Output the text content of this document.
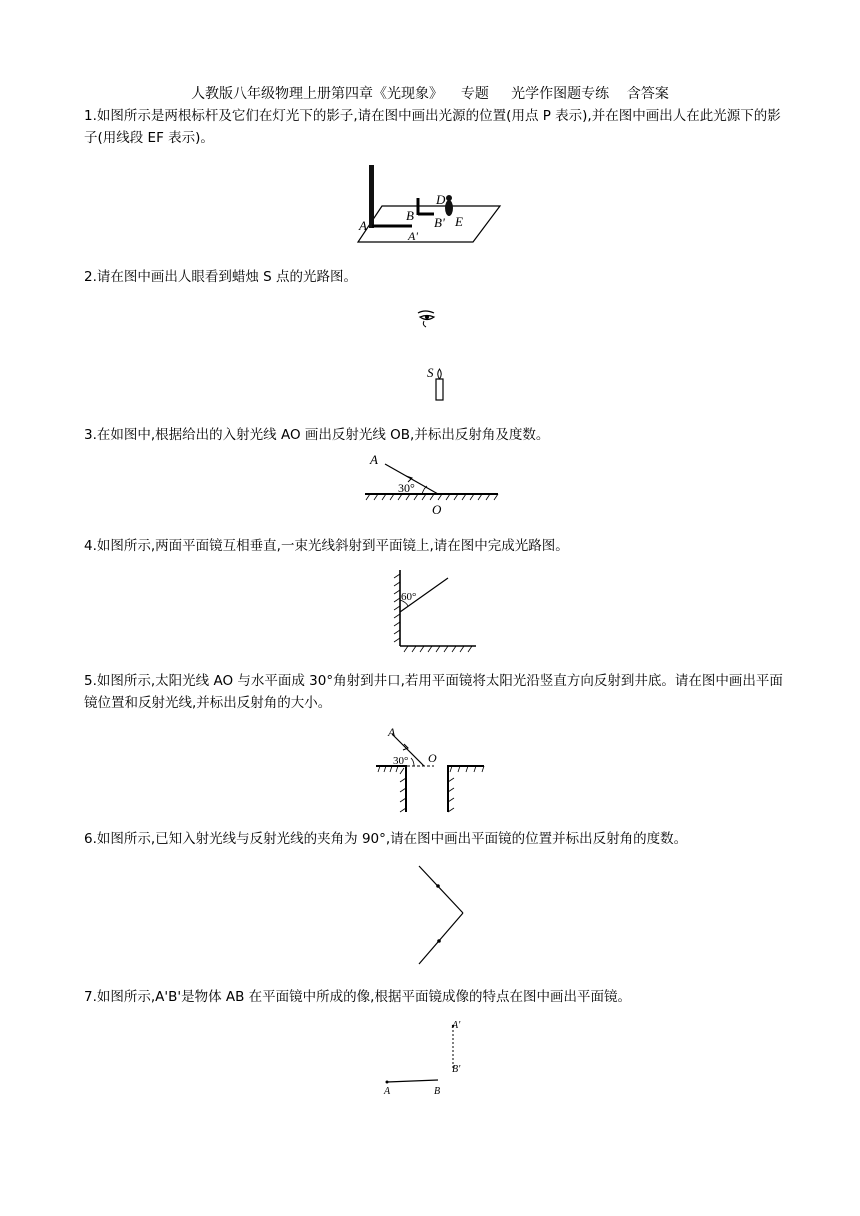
人教版八年级物理上册第四章《光现象》    专题     光学作图题专练    含答案
1.如图所示是两根标杆及它们在灯光下的影子,请在图中画出光源的位置(用点 P 表示),并在图中画出人在此光源下的影子(用线段 EF 表示)。
A
A'
B B'
D
E
2.请在图中画出人眼看到蜡烛 S 点的光路图。
S
3.在如图中,根据给出的入射光线 AO 画出反射光线 OB,并标出反射角及度数。
A
30°
O
4.如图所示,两面平面镜互相垂直,一束光线斜射到平面镜上,请在图中完成光路图。
60°
5.如图所示,太阳光线 AO 与水平面成 30°角射到井口,若用平面镜将太阳光沿竖直方向反射到井底。请在图中画出平面镜位置和反射光线,并标出反射角的大小。
A
30° O
6.如图所示,已知入射光线与反射光线的夹角为 90°,请在图中画出平面镜的位置并标出反射角的度数。
7.如图所示,A'B'是物体 AB 在平面镜中所成的像,根据平面镜成像的特点在图中画出平面镜。
A'
B'
A	B
